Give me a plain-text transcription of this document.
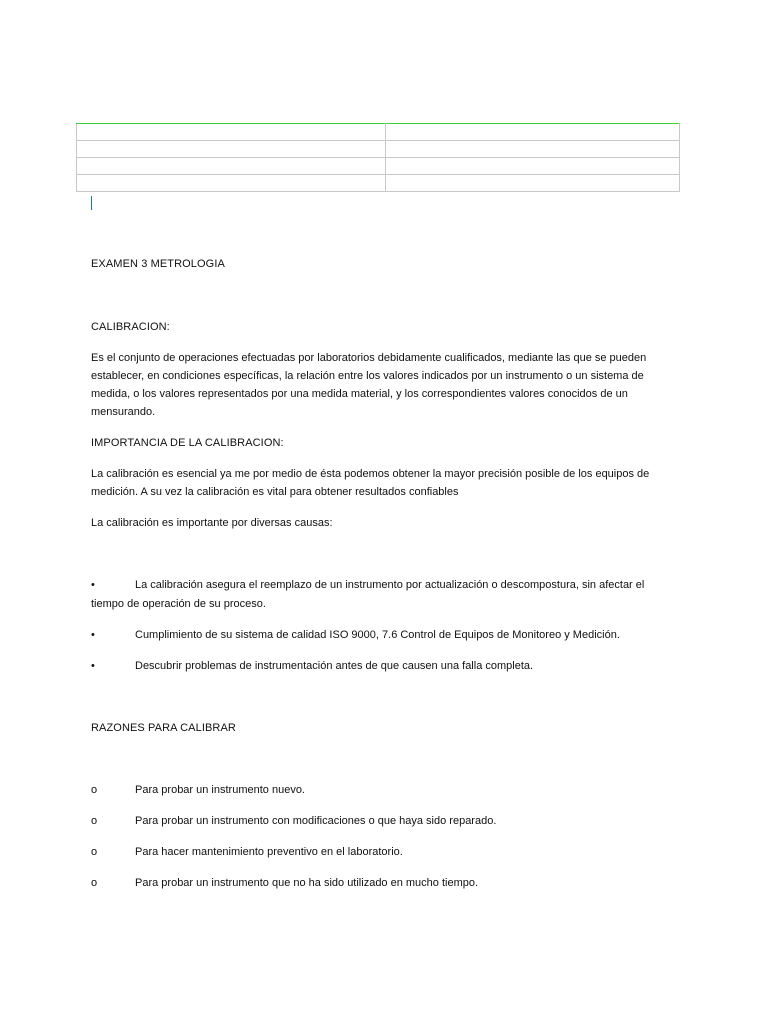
EXAMEN 3 METROLOGIA

CALIBRACION:

Es el conjunto de operaciones efectuadas por laboratorios debidamente cualificados, mediante las que se pueden establecer, en condiciones específicas, la relación entre los valores indicados por un instrumento o un sistema de medida, o los valores representados por una medida material, y los correspondientes valores conocidos de un mensurando.

IMPORTANCIA DE LA CALIBRACION:

La calibración es esencial ya me por medio de ésta podemos obtener la mayor precisión posible de los equipos de medición. A su vez la calibración es vital para obtener resultados confiables

La calibración es importante por diversas causas:

•	La calibración asegura el reemplazo de un instrumento por actualización o descompostura, sin afectar el

tiempo de operación de su proceso.

•	Cumplimiento de su sistema de calidad ISO 9000, 7.6 Control de Equipos de Monitoreo y Medición.

•	Descubrir problemas de instrumentación antes de que causen una falla completa.

RAZONES PARA CALIBRAR

o	Para probar un instrumento nuevo.

o	Para probar un instrumento con modificaciones o que haya sido reparado.

o	Para hacer mantenimiento preventivo en el laboratorio.

o	Para probar un instrumento que no ha sido utilizado en mucho tiempo.
